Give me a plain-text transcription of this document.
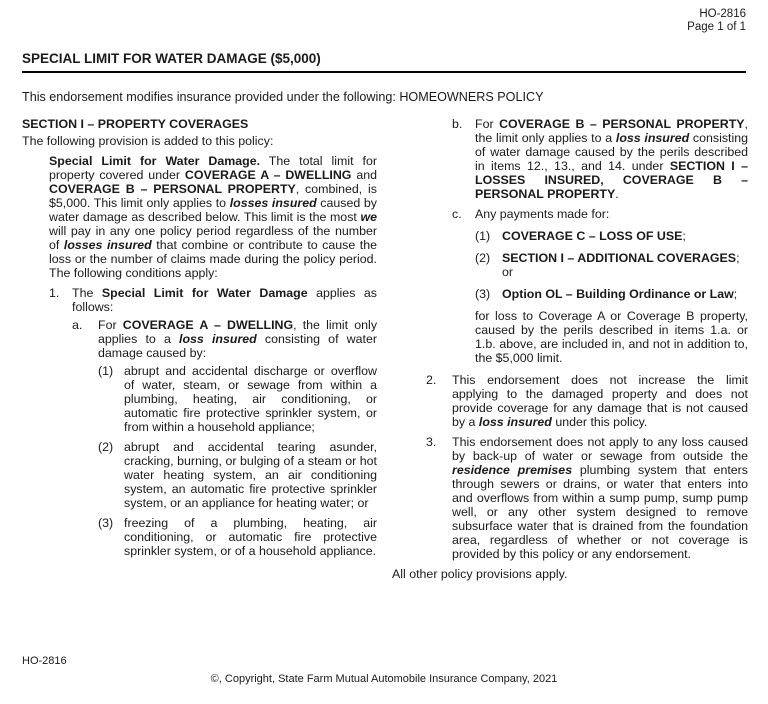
HO-2816
Page 1 of 1
SPECIAL LIMIT FOR WATER DAMAGE ($5,000)
This endorsement modifies insurance provided under the following: HOMEOWNERS POLICY

SECTION I – PROPERTY COVERAGES

The following provision is added to this policy:

Special Limit for Water Damage. The total limit for property covered under COVERAGE A – DWELLING and COVERAGE B – PERSONAL PROPERTY, combined, is $5,000. This limit only applies to losses insured caused by water damage as described below. This limit is the most we will pay in any one policy period regardless of the number of losses insured that combine or contribute to cause the loss or the number of claims made during the policy period. The following conditions apply:

1. The Special Limit for Water Damage applies as follows:

a. For COVERAGE A – DWELLING, the limit only applies to a loss insured consisting of water damage caused by:

(1) abrupt and accidental discharge or overflow of water, steam, or sewage from within a plumbing, heating, air conditioning, or automatic fire protective sprinkler system, or from within a household appliance;

(2) abrupt and accidental tearing asunder, cracking, burning, or bulging of a steam or hot water heating system, an air conditioning system, an automatic fire protective sprinkler system, or an appliance for heating water; or

(3) freezing of a plumbing, heating, air conditioning, or automatic fire protective sprinkler system, or of a household appliance.

b. For COVERAGE B – PERSONAL PROPERTY, the limit only applies to a loss insured consisting of water damage caused by the perils described in items 12., 13., and 14. under SECTION I – LOSSES INSURED, COVERAGE B – PERSONAL PROPERTY.

c. Any payments made for:

(1) COVERAGE C – LOSS OF USE;

(2) SECTION I – ADDITIONAL COVERAGES; or

(3) Option OL – Building Ordinance or Law;

for loss to Coverage A or Coverage B property, caused by the perils described in items 1.a. or 1.b. above, are included in, and not in addition to, the $5,000 limit.

2. This endorsement does not increase the limit applying to the damaged property and does not provide coverage for any damage that is not caused by a loss insured under this policy.

3. This endorsement does not apply to any loss caused by back-up of water or sewage from outside the residence premises plumbing system that enters through sewers or drains, or water that enters into and overflows from within a sump pump, sump pump well, or any other system designed to remove subsurface water that is drained from the foundation area, regardless of whether or not coverage is provided by this policy or any endorsement.

All other policy provisions apply.

HO-2816
©, Copyright, State Farm Mutual Automobile Insurance Company, 2021
